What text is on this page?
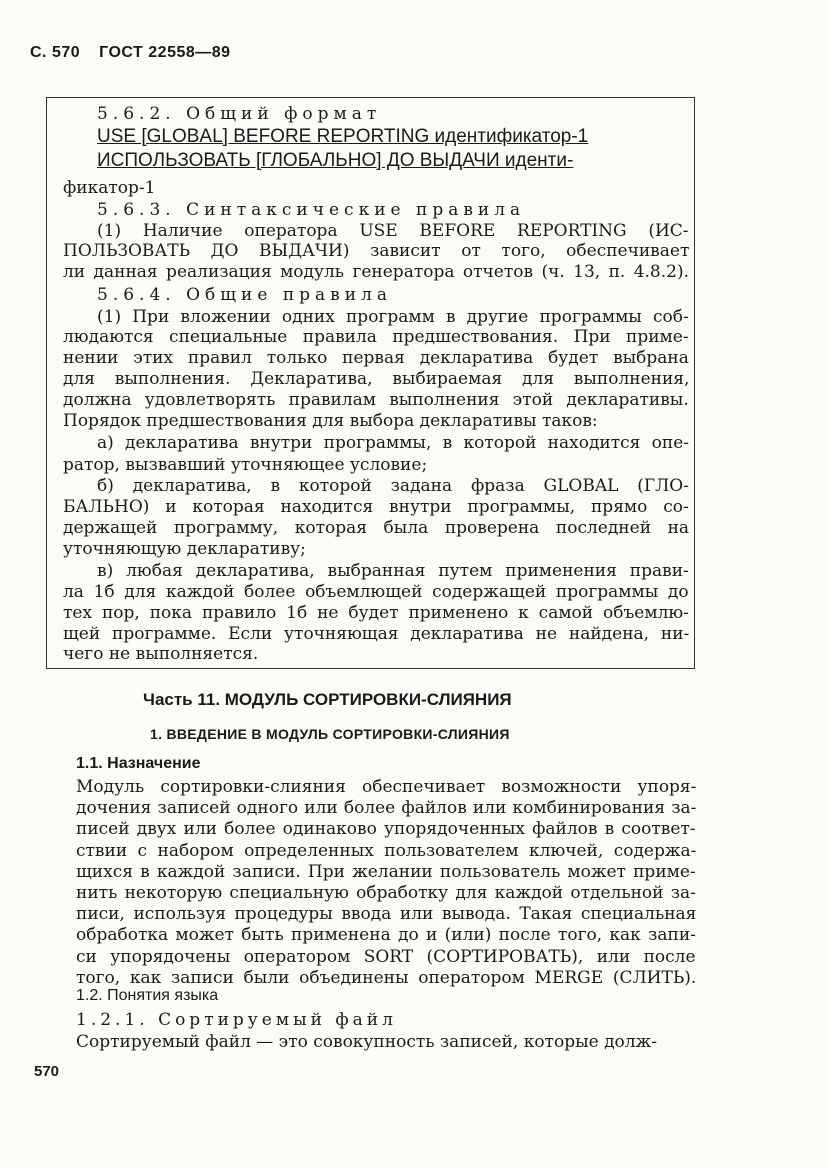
С. 570 ГОСТ 22558—89
5.6.2. Общий формат
USE [GLOBAL] BEFORE REPORTING идентификатор-1
ИСПОЛЬЗОВАТЬ [ГЛОБАЛЬНО] ДО ВЫДАЧИ иденти-
фикатор-1
5.6.3. Синтаксические правила
(1) Наличие оператора USE BEFORE REPORTING (ИС-
ПОЛЬЗОВАТЬ ДО ВЫДАЧИ) зависит от того, обеспечивает
ли данная реализация модуль генератора отчетов (ч. 13, п. 4.8.2).
5.6.4. Общие правила
(1) При вложении одних программ в другие программы соб-
людаются специальные правила предшествования. При приме-
нении этих правил только первая декларатива будет выбрана
для выполнения. Декларатива, выбираемая для выполнения,
должна удовлетворять правилам выполнения этой декларативы.
Порядок предшествования для выбора декларативы таков:
а) декларатива внутри программы, в которой находится опе-
ратор, вызвавший уточняющее условие;
б) декларатива, в которой задана фраза GLOBAL (ГЛО-
БАЛЬНО) и которая находится внутри программы, прямо со-
держащей программу, которая была проверена последней на
уточняющую декларативу;
в) любая декларатива, выбранная путем применения прави-
ла 1б для каждой более объемлющей содержащей программы до
тех пор, пока правило 1б не будет применено к самой объемлю-
щей программе. Если уточняющая декларатива не найдена, ни-
чего не выполняется.
Часть 11. МОДУЛЬ СОРТИРОВКИ-СЛИЯНИЯ
1. ВВЕДЕНИЕ В МОДУЛЬ СОРТИРОВКИ-СЛИЯНИЯ
1.1. Назначение
Модуль сортировки-слияния обеспечивает возможности упоря-
дочения записей одного или более файлов или комбинирования за-
писей двух или более одинаково упорядоченных файлов в соответ-
ствии с набором определенных пользователем ключей, содержа-
щихся в каждой записи. При желании пользователь может приме-
нить некоторую специальную обработку для каждой отдельной за-
писи, используя процедуры ввода или вывода. Такая специальная
обработка может быть применена до и (или) после того, как запи-
си упорядочены оператором SORT (СОРТИРОВАТЬ), или после
того, как записи были объединены оператором MERGE (СЛИТЬ).
1.2. Понятия языка
1.2.1. Сортируемый файл
Сортируемый файл — это совокупность записей, которые долж-
570
